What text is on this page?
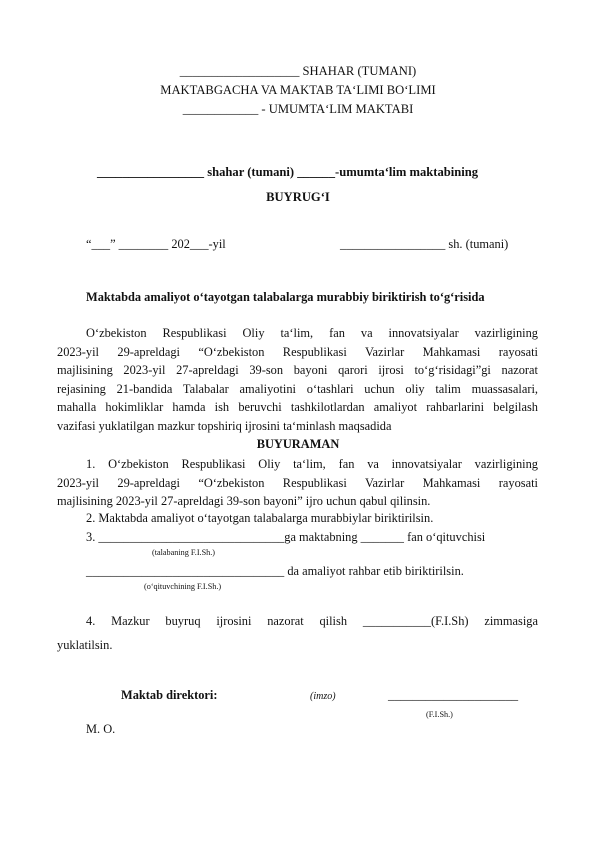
___________________ SHAHAR (TUMANI)
MAKTABGACHA VA MAKTAB TA‘LIMI BO‘LIMI
____________ - UMUMTA‘LIM MAKTABI
_________________ shahar (tumani) ______-umumta‘lim maktabining
BUYRUG‘I
“___” ________ 202___-yil	_________________ sh. (tumani)
Maktabda amaliyot o‘tayotgan talabalarga murabbiy biriktirish to‘g‘risida
O‘zbekiston Respublikasi Oliy ta‘lim, fan va innovatsiyalar vazirligining
2023-yil 29-apreldagi “O‘zbekiston Respublikasi Vazirlar Mahkamasi rayosati
majlisining 2023-yil 27-apreldagi 39-son bayoni qarori ijrosi to‘g‘risidagi”gi nazorat
rejasining 21-bandida Talabalar amaliyotini o‘tashlari uchun oliy talim muassasalari,
mahalla hokimliklar hamda ish beruvchi tashkilotlardan amaliyot rahbarlarini belgilash
vazifasi yuklatilgan mazkur topshiriq ijrosini ta‘minlash maqsadida
BUYURAMAN
1. O‘zbekiston Respublikasi Oliy ta‘lim, fan va innovatsiyalar vazirligining
2023-yil 29-apreldagi “O‘zbekiston Respublikasi Vazirlar Mahkamasi rayosati
majlisining 2023-yil 27-apreldagi 39-son bayoni” ijro uchun qabul qilinsin.
2. Maktabda amaliyot o‘tayotgan talabalarga murabbiylar biriktirilsin.
3. ______________________________ga maktabning _______ fan o‘qituvchisi
(talabaning F.I.Sh.)
________________________________ da amaliyot rahbar etib biriktirilsin.
(o‘qituvchining F.I.Sh.)
4. Mazkur buyruq ijrosini nazorat qilish ___________(F.I.Sh) zimmasiga
yuklatilsin.
Maktab direktori:	(imzo)	_____________________
(F.I.Sh.)
M. O.
